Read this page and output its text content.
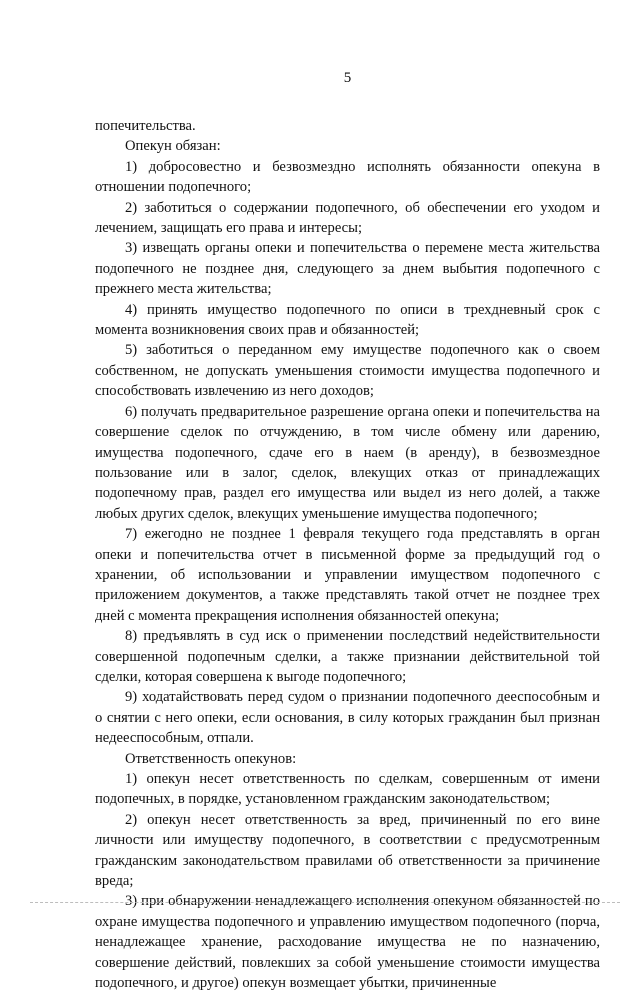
5

попечительства.

Опекун обязан:

1) добросовестно и безвозмездно исполнять обязанности опекуна в отношении подопечного;

2) заботиться о содержании подопечного, об обеспечении его уходом и лечением, защищать его права и интересы;

3) извещать органы опеки и попечительства о перемене места жительства подопечного не позднее дня, следующего за днем выбытия подопечного с прежнего места жительства;

4) принять имущество подопечного по описи в трехдневный срок с момента возникновения своих прав и обязанностей;

5) заботиться о переданном ему имуществе подопечного как о своем собственном, не допускать уменьшения стоимости имущества подопечного и способствовать извлечению из него доходов;

6) получать предварительное разрешение органа опеки и попечительства на совершение сделок по отчуждению, в том числе обмену или дарению, имущества подопечного, сдаче его в наем (в аренду), в безвозмездное пользование или в залог, сделок, влекущих отказ от принадлежащих подопечному прав, раздел его имущества или выдел из него долей, а также любых других сделок, влекущих уменьшение имущества подопечного;

7) ежегодно не позднее 1 февраля текущего года представлять в орган опеки и попечительства отчет в письменной форме за предыдущий год о хранении, об использовании и управлении имуществом подопечного с приложением документов, а также представлять такой отчет не позднее трех дней с момента прекращения исполнения обязанностей опекуна;

8) предъявлять в суд иск о применении последствий недействительности совершенной подопечным сделки, а также признании действительной той сделки, которая совершена к выгоде подопечного;

9) ходатайствовать перед судом о признании подопечного дееспособным и о снятии с него опеки, если основания, в силу которых гражданин был признан недееспособным, отпали.

Ответственность опекунов:

1) опекун несет ответственность по сделкам, совершенным от имени подопечных, в порядке, установленном гражданским законодательством;

2) опекун несет ответственность за вред, причиненный по его вине личности или имуществу подопечного, в соответствии с предусмотренным гражданским законодательством правилами об ответственности за причинение вреда;

3) при обнаружении ненадлежащего исполнения опекуном обязанностей по охране имущества подопечного и управлению имуществом подопечного (порча, ненадлежащее хранение, расходование имущества не по назначению, совершение действий, повлекших за собой уменьшение стоимости имущества подопечного, и другое) опекун возмещает убытки, причиненные
